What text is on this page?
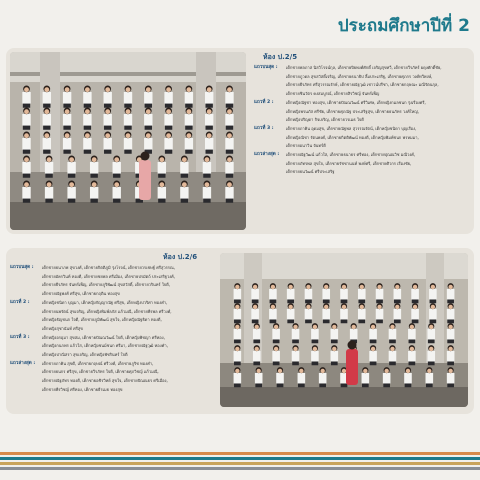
ประถมศึกษาปีที่ 2
ห้อง ป.2/5
แถวบนสุด :	เด็กชายพลภาส นิลวิโรจน์กุล, เด็กชายปิยพงศ์ศักดิ์ เจริญสุขทวี, เด็กชายวีรภัทร์ ผดุงศักดิ์ชัย,
เด็กชายภูวดล สุขสวัสดิ์เจริญ, เด็กชายธนาธิป ลิ้มประเสริฐ, เด็กชายศุภกร วงศ์ทวีพงษ์,
เด็กชายธีรภัทร ศรีสุวรรณรักษ์, เด็กชายณัฐวุฒิ เชาวน์ปรีชา, เด็กชายกฤษณะ มณีรัตนกุล,
เด็กชายชินวัตร คงสมบูรณ์, เด็กชายสิรวิชญ์ จันทร์เพ็ญ
แถวที่ 2 :	เด็กหญิงณัฐชา ทองสุข, เด็กชายปัณณวัฒน์ ศรีวิเศษ, เด็กหญิงกมลชนก รุ่งเรืองศรี,
เด็กหญิงพรนภัส ศรีชัย, เด็กชายศุภณัฐ ประเสริฐสุข, เด็กชายธนภัทร วงศ์ใหญ่,
เด็กหญิงปริญดา กิจเจริญ, เด็กชายวรเมธ ใจดี
แถวที่ 3 :	เด็กชายภาคิน อุดมสุข, เด็กชายณัฐพล สุวรรณรัตน์, เด็กหญิงชนิดา บุญเรือง,
เด็กหญิงณิชา รัตนพงศ์, เด็กชายกิตติพัฒน์ ทองดี, เด็กหญิงพิมพ์ชนก พรหมมา,
เด็กชายอนาวิน จันทร์ดี
แถวล่างสุด :	เด็กชายณัฐวัฒน์ แก้วใส, เด็กชายธนาธร ศรีทอง, เด็กชายปุณณวิช มณีวงศ์,
เด็กชายภัทรพล สุขใจ, เด็กชายรัชชานนท์ พงษ์ศรี, เด็กชายศิวกร เรืองชัย,
เด็กชายธนวัฒน์ ศรีประเสริฐ
ห้อง ป.2/6
แถวบนสุด :	เด็กชายธนาภพ สุขวงศ์, เด็กชายกิตติภูมิ รุ่งโรจน์, เด็กชายวรเชษฐ์ ศรีสุวรรณ,
เด็กชายอัครวินท์ ทองดี, เด็กชายชยพล ศรีเมือง, เด็กชายปรมัตถ์ ประเสริฐวงศ์,
เด็กชายธีรภัทร จันทร์เพ็ญ, เด็กชายภูริพัฒน์ สุขสวัสดิ์, เด็กชายวรินทร์ ใจดี,
เด็กชายณัฐพงศ์ ศรีสุข, เด็กชายกฤติน ทองสุข
แถวที่ 2 :	เด็กหญิงชนิดา บุญมา, เด็กหญิงกัญญาณัฐ ศรีสุข, เด็กหญิงปวริศา ทองคำ,
เด็กชายนพรัตน์ สุขเจริญ, เด็กหญิงพิมพ์ลภัส แก้วมณี, เด็กชายพีรพล ศรีวงศ์,
เด็กหญิงธัญชนก ใจดี, เด็กชายภูมิพัฒน์ สุขใจ, เด็กหญิงณัฐธิดา ทองดี,
เด็กหญิงสุชานันท์ ศรีสุข
แถวที่ 3 :	เด็กหญิงอรอุมา สุขสม, เด็กชายปัณณวัฒน์ ใจดี, เด็กหญิงพิชญา ศรีทอง,
เด็กหญิงกนกพร แก้วใส, เด็กหญิงชนม์ชนก ศรีมา, เด็กชายณัฐวุฒิ ทองคำ,
เด็กหญิงปาณิสรา สุขเจริญ, เด็กหญิงพัชรินทร์ ใจดี
แถวล่างสุด :	เด็กชายภาคิน สุขดี, เด็กชายกฤษณ์ ศรีวงศ์, เด็กชายภูริช ทองคำ,
เด็กชายธนกร ศรีสุข, เด็กชายวีรภัทร ใจดี, เด็กชายศุภวิชญ์ แก้วมณี,
เด็กชายณัฐภัทร ทองดี, เด็กชายอชิรวิทย์ สุขใจ, เด็กชายปัณณธร ศรีเมือง,
เด็กชายพีรวิชญ์ ศรีทอง, เด็กชายธีรเมธ ทองสุข
